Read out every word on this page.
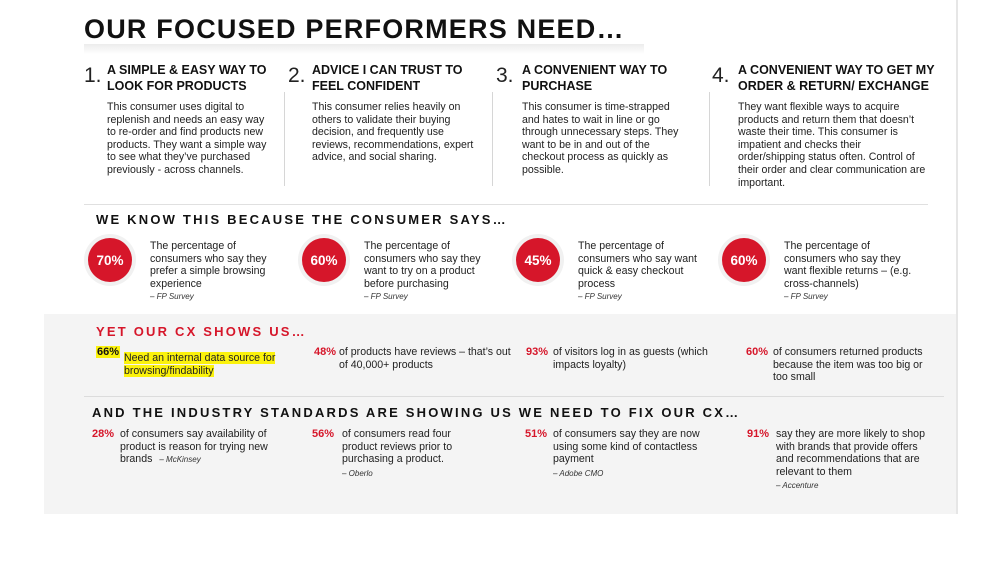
OUR FOCUSED PERFORMERS NEED…
1. A SIMPLE & EASY WAY TO LOOK FOR PRODUCTS
This consumer uses digital to replenish and needs an easy way to re-order and find products new products. They want a simple way to see what they’ve purchased previously - across channels.
2. ADVICE I CAN TRUST TO FEEL CONFIDENT
This consumer relies heavily on others to validate their buying decision, and frequently use reviews, recommendations, expert advice, and social sharing.
3. A CONVENIENT WAY TO PURCHASE
This consumer is time-strapped and hates to wait in line or go through unnecessary steps. They want to be in and out of the checkout process as quickly as possible.
4. A CONVENIENT WAY TO GET MY ORDER & RETURN/ EXCHANGE
They want flexible ways to acquire products and return them that doesn’t waste their time. This consumer is impatient and checks their order/shipping status often. Control of their order and clear communication are important.
WE KNOW THIS BECAUSE THE CONSUMER SAYS…
70%
The percentage of consumers who say they prefer a simple browsing experience
– FP Survey
60%
The percentage of consumers who say they want to try on a product before purchasing
– FP Survey
45%
The percentage of consumers who say want quick & easy checkout process
– FP Survey
60%
The percentage of consumers who say they want flexible returns – (e.g. cross-channels)
– FP Survey
YET OUR CX SHOWS US…
66% Need an internal data source for browsing/findability
48% of products have reviews – that’s out of 40,000+ products
93% of visitors log in as guests (which impacts loyalty)
60% of consumers returned products because the item was too big or too small
AND THE INDUSTRY STANDARDS ARE SHOWING US WE NEED TO FIX OUR CX…
28% of consumers say availability of product is reason for trying new brands – McKinsey
56% of consumers read four product reviews prior to purchasing a product.
– Oberlo
51% of consumers say they are now using some kind of contactless payment
– Adobe CMO
91% say they are more likely to shop with brands that provide offers and recommendations that are relevant to them
– Accenture
